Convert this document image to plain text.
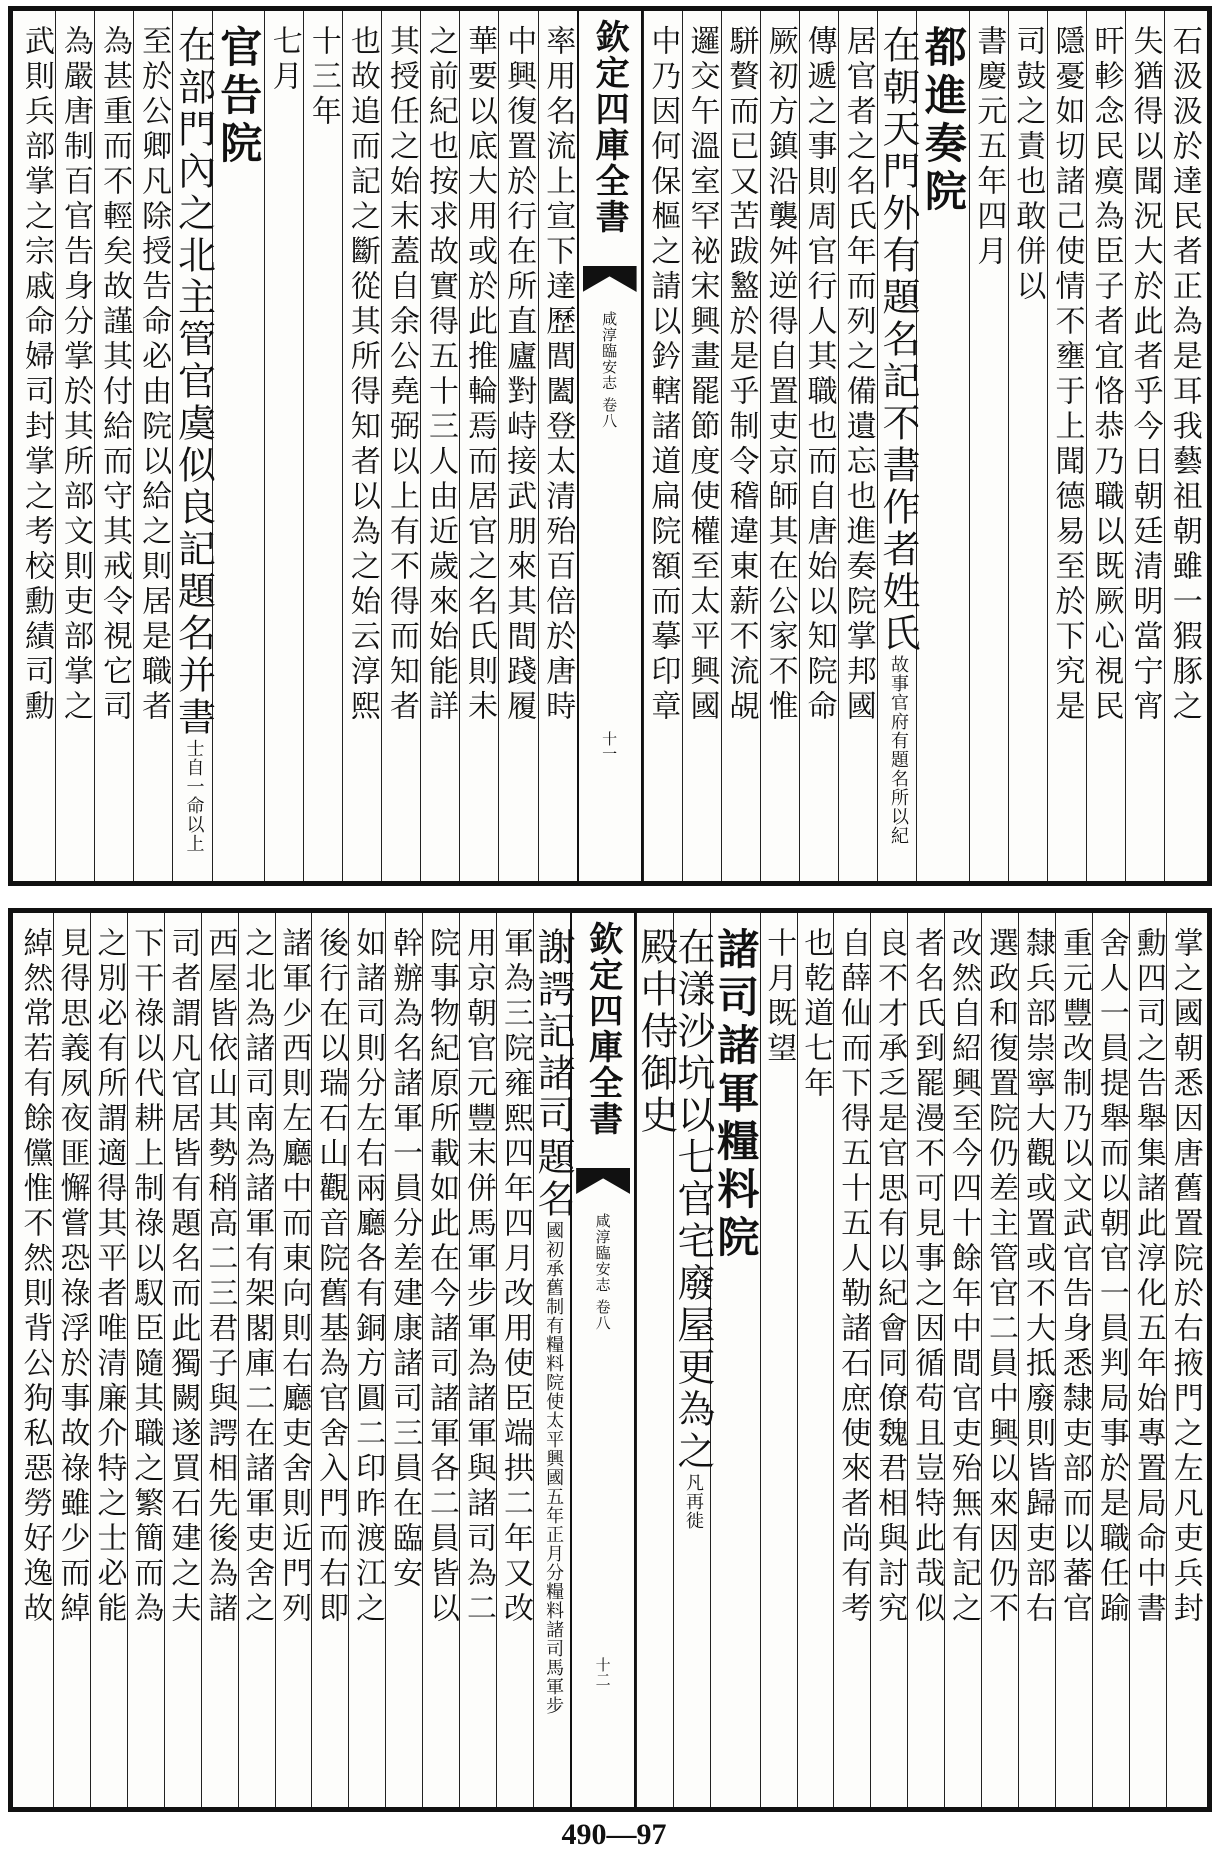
石汲汲於達民者正為是耳我藝祖朝雖一猳豚之
失猶得以聞況大於此者乎今日朝廷清明當宁宵
旰軫念民瘼為臣子者宜恪恭乃職以既厥心視民
隱憂如切諸己使情不壅于上聞德易至於下究是
司鼓之責也敢併以
書慶元五年四月
都進奏院
在朝天門外有題名記不書作者姓氏故事官府有題名所以紀
居官者之名氏年而列之備遺忘也進奏院掌邦國
傳遞之事則周官行人其職也而自唐始以知院命
厥初方鎮沿襲舛逆得自置吏京師其在公家不惟
駢贅而已又苦跋盭於是乎制令稽違東薪不流覘
邏交午溫室罕祕宋興畫罷節度使權至太平興國
中乃因何保樞之請以鈐轄諸道扁院額而摹印章
欽定四庫全書
咸淳臨安志卷八
十一
率用名流上宣下達歷閭闔登太清殆百倍於唐時
中興復置於行在所直廬對峙接武朋來其間踐履
華要以底大用或於此推輪焉而居官之名氏則未
之前紀也按求故實得五十三人由近歲來始能詳
其授任之始末蓋自余公堯弼以上有不得而知者
也故追而記之斷從其所得知者以為之始云淳熙
十三年
七月
官告院
在部門內之北主管官虞似良記題名并書士自一命以上
至於公卿凡除授告命必由院以給之則居是職者
為甚重而不輕矣故謹其付給而守其戒令視它司
為嚴唐制百官告身分掌於其所部文則吏部掌之
武則兵部掌之宗戚命婦司封掌之考校勳績司勳
掌之國朝悉因唐舊置院於右掖門之左凡吏兵封
勳四司之告舉集諸此淳化五年始專置局命中書
舍人一員提舉而以朝官一員判局事於是職任踰
重元豐改制乃以文武官告身悉隸吏部而以蕃官
隸兵部崇寧大觀或置或不大抵廢則皆歸吏部右
選政和復置院仍差主管官二員中興以來因仍不
改然自紹興至今四十餘年中間官吏殆無有記之
者名氏到罷漫不可見事之因循苟且豈特此哉似
良不才承乏是官思有以紀會同僚魏君相與討究
自薛仙而下得五十五人勒諸石庶使來者尚有考
也乾道七年
十月既望
諸司諸軍糧料院
在漾沙坑以七官宅廢屋更為之凡再徙
殿中侍御史
欽定四庫全書
咸淳臨安志卷八
十二
謝諤記諸司題名國初承舊制有糧料院使太平興國五年正月分糧料諸司馬軍步
軍為三院雍熙四年四月改用使臣端拱二年又改
用京朝官元豐末併馬軍步軍為諸軍與諸司為二
院事物紀原所載如此在今諸司諸軍各二員皆以
幹辦為名諸軍一員分差建康諸司三員在臨安
如諸司則分左右兩廳各有銅方圓二印昨渡江之
後行在以瑞石山觀音院舊基為官舍入門而右即
諸軍少西則左廳中而東向則右廳吏舍則近門列
之北為諸司南為諸軍有架閣庫二在諸軍吏舍之
西屋皆依山其勢稍高二三君子與諤相先後為諸
司者謂凡官居皆有題名而此獨闕遂買石建之夫
下干祿以代耕上制祿以馭臣隨其職之繁簡而為
之別必有所謂適得其平者唯清廉介特之士必能
見得思義夙夜匪懈嘗恐祿浮於事故祿雖少而綽
綽然常若有餘儻惟不然則背公狗私惡勞好逸故
490—97
